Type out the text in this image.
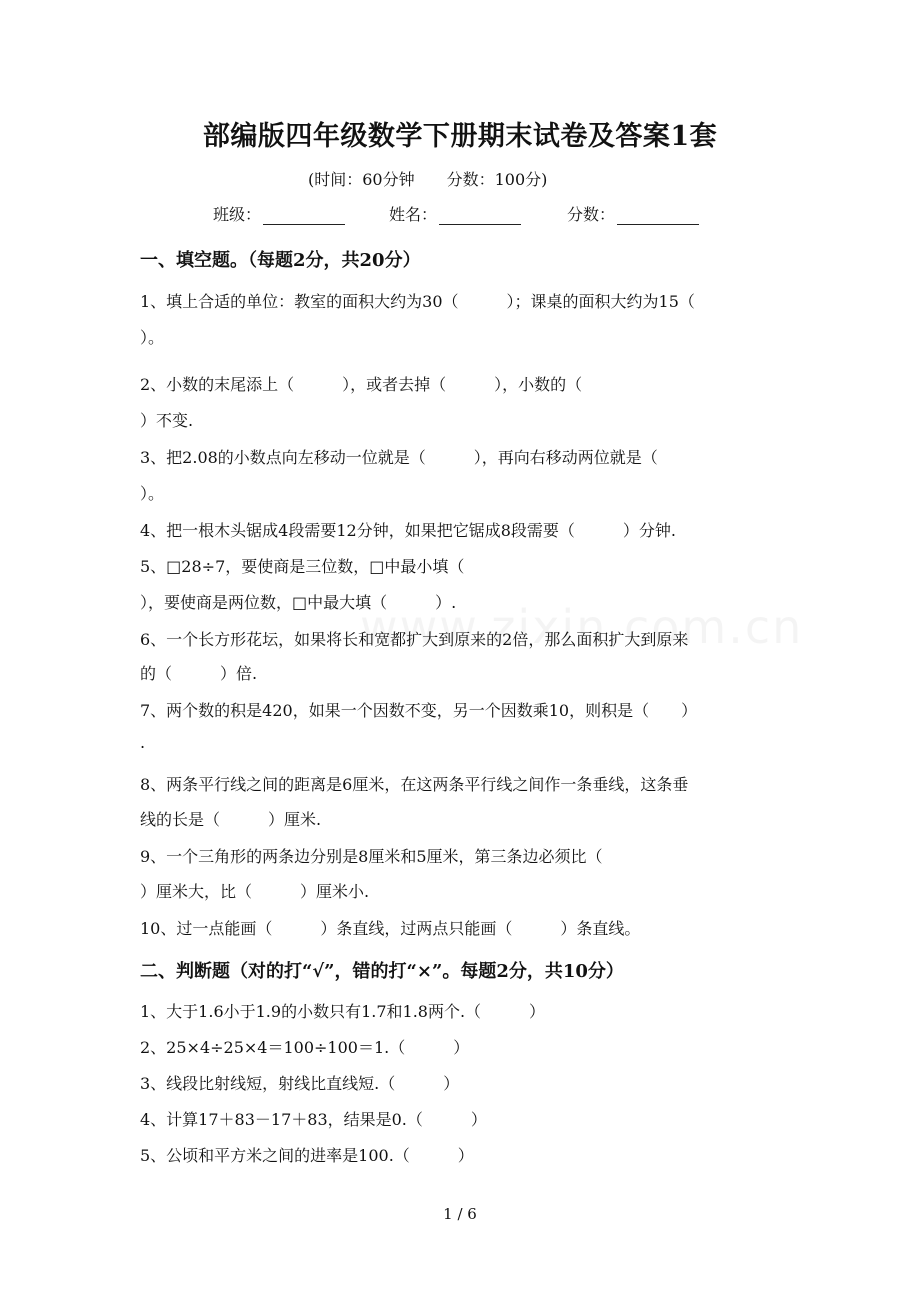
部编版四年级数学下册期末试卷及答案1套
(时间：60分钟　　分数：100分)
班级：	姓名：	分数：
一、填空题。（每题2分，共20分）
1、填上合适的单位：教室的面积大约为30（　　　）；课桌的面积大约为15（
）。
2、小数的末尾添上（　　　），或者去掉（　　　），小数的（
）不变.
3、把2.08的小数点向左移动一位就是（　　　），再向右移动两位就是（
）。
4、把一根木头锯成4段需要12分钟，如果把它锯成8段需要（　　　）分钟.
5、□28÷7，要使商是三位数，□中最小填（
），要使商是两位数，□中最大填（　　　）.
6、一个长方形花坛，如果将长和宽都扩大到原来的2倍，那么面积扩大到原来
的（　　　）倍.
7、两个数的积是420，如果一个因数不变，另一个因数乘10，则积是（　　）
.
8、两条平行线之间的距离是6厘米，在这两条平行线之间作一条垂线，这条垂
线的长是（　　　）厘米.
9、一个三角形的两条边分别是8厘米和5厘米，第三条边必须比（
）厘米大，比（　　　）厘米小.
10、过一点能画（　　　）条直线，过两点只能画（　　　）条直线。
二、判断题（对的打“√”，错的打“×”。每题2分，共10分）
1、大于1.6小于1.9的小数只有1.7和1.8两个.（　　　）
2、25×4÷25×4＝100÷100＝1.（　　　）
3、线段比射线短，射线比直线短.（　　　）
4、计算17＋83－17＋83，结果是0.（　　　）
5、公顷和平方米之间的进率是100.（　　　）
1 / 6
